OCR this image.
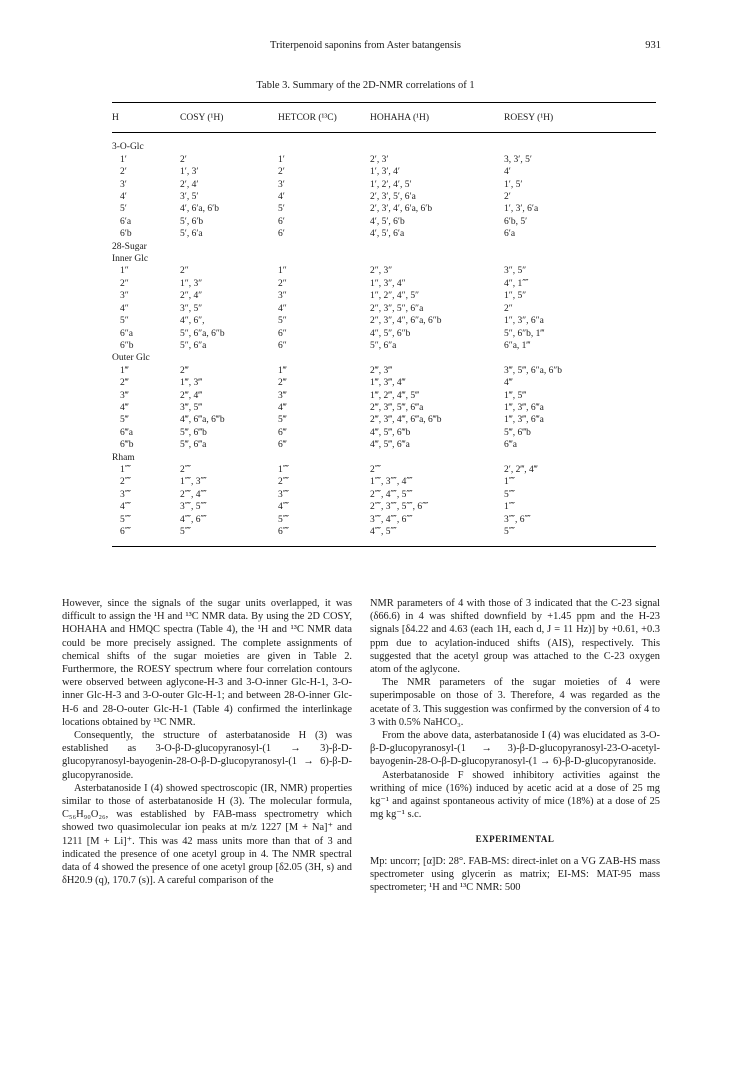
Triterpenoid saponins from Aster batangensis	931
Table 3. Summary of the 2D-NMR correlations of 1
H	COSY (¹H)	HETCOR (¹³C)	HOHAHA (¹H)	ROESY (¹H)
3-O-Glc				
1′	2′	1′	2′, 3′	3, 3′, 5′
2′	1′, 3′	2′	1′, 3′, 4′	4′
3′	2′, 4′	3′	1′, 2′, 4′, 5′	1′, 5′
4′	3′, 5′	4′	2′, 3′, 5′, 6′a	2′
5′	4′, 6′a, 6′b	5′	2′, 3′, 4′, 6′a, 6′b	1′, 3′, 6′a
6′a	5′, 6′b	6′	4′, 5′, 6′b	6′b, 5′
6′b	5′, 6′a	6′	4′, 5′, 6′a	6′a
28-Sugar				
Inner Glc				
1″	2″	1″	2″, 3″	3″, 5″
2″	1″, 3″	2″	1″, 3″, 4″	4″, 1⁗
3″	2″, 4″	3″	1″, 2″, 4″, 5″	1″, 5″
4″	3″, 5″	4″	2″, 3″, 5″, 6″a	2″
5″	4″, 6″,	5″	2″, 3″, 4″, 6″a, 6″b	1″, 3″, 6″a
6″a	5″, 6″a, 6″b	6″	4″, 5″, 6″b	5″, 6″b, 1‴
6″b	5″, 6″a	6″	5″, 6″a	6″a, 1‴
Outer Glc				
1‴	2‴	1‴	2‴, 3‴	3‴, 5‴, 6″a, 6″b
2‴	1‴, 3‴	2‴	1‴, 3‴, 4‴	4‴
3‴	2‴, 4‴	3‴	1‴, 2‴, 4‴, 5‴	1‴, 5‴
4‴	3‴, 5‴	4‴	2‴, 3‴, 5‴, 6‴a	1‴, 3‴, 6‴a
5‴	4‴, 6‴a, 6‴b	5‴	2‴, 3‴, 4‴, 6‴a, 6‴b	1‴, 3‴, 6‴a
6‴a	5‴, 6‴b	6‴	4‴, 5‴, 6‴b	5‴, 6‴b
6‴b	5‴, 6‴a	6‴	4‴, 5‴, 6‴a	6‴a
Rham				
1⁗	2⁗	1⁗	2⁗	2′, 2‴, 4‴
2⁗	1⁗, 3⁗	2⁗	1⁗, 3⁗, 4⁗	1⁗
3⁗	2⁗, 4⁗	3⁗	2⁗, 4⁗, 5⁗	5⁗
4⁗	3⁗, 5⁗	4⁗	2⁗, 3⁗, 5⁗, 6⁗	1⁗
5⁗	4⁗, 6⁗	5⁗	3⁗, 4⁗, 6⁗	3⁗, 6⁗
6⁗	5⁗	6⁗	4⁗, 5⁗	5⁗

However, since the signals of the sugar units overlapped, it was difficult to assign the ¹H and ¹³C NMR data. By using the 2D COSY, HOHAHA and HMQC spectra (Table 4), the ¹H and ¹³C NMR data could be more precisely assigned. The complete assignments of chemical shifts of the sugar moieties are given in Table 2. Furthermore, the ROESY spectrum where four correlation contours were observed between aglycone-H-3 and 3-O-inner Glc-H-1, 3-O-inner Glc-H-3 and 3-O-outer Glc-H-1; and between 28-O-inner Glc-H-6 and 28-O-outer Glc-H-1 (Table 4) confirmed the interlinkage locations obtained by ¹³C NMR.

Consequently, the structure of asterbatanoside H (3) was established as 3-O-β-D-glucopyranosyl-(1 → 3)-β-D-glucopyranosyl-bayogenin-28-O-β-D-glucopyranosyl-(1 → 6)-β-D-glucopyranoside.

Asterbatanoside I (4) showed spectroscopic (IR, NMR) properties similar to those of asterbatanoside H (3). The molecular formula, C₅₆H₉₀O₂₆, was established by FAB-mass spectrometry which showed two quasimolecular ion peaks at m/z 1227 [M + Na]⁺ and 1211 [M + Li]⁺. This was 42 mass units more than that of 3 and indicated the presence of one acetyl group in 4. The NMR spectral data of 4 showed the presence of one acetyl group [δ2.05 (3H, s) and δH20.9 (q), 170.7 (s)]. A careful comparison of the

NMR parameters of 4 with those of 3 indicated that the C-23 signal (δ66.6) in 4 was shifted downfield by +1.45 ppm and the H-23 signals [δ4.22 and 4.63 (each 1H, each d, J = 11 Hz)] by +0.61, +0.3 ppm due to acylation-induced shifts (AIS), respectively. This suggested that the acetyl group was attached to the C-23 oxygen atom of the aglycone.

The NMR parameters of the sugar moieties of 4 were superimposable on those of 3. Therefore, 4 was regarded as the acetate of 3. This suggestion was confirmed by the conversion of 4 to 3 with 0.5% NaHCO₃.

From the above data, asterbatanoside I (4) was elucidated as 3-O-β-D-glucopyranosyl-(1 → 3)-β-D-glucopyranosyl-23-O-acetyl-bayogenin-28-O-β-D-glucopyranosyl-(1 → 6)-β-D-glucopyranoside.

Asterbatanoside F showed inhibitory activities against the writhing of mice (16%) induced by acetic acid at a dose of 25 mg kg⁻¹ and against spontaneous activity of mice (18%) at a dose of 25 mg kg⁻¹ s.c.

EXPERIMENTAL

Mp: uncorr; [α]D: 28°. FAB-MS: direct-inlet on a VG ZAB-HS mass spectrometer using glycerin as matrix; EI-MS: MAT-95 mass spectrometer; ¹H and ¹³C NMR: 500
